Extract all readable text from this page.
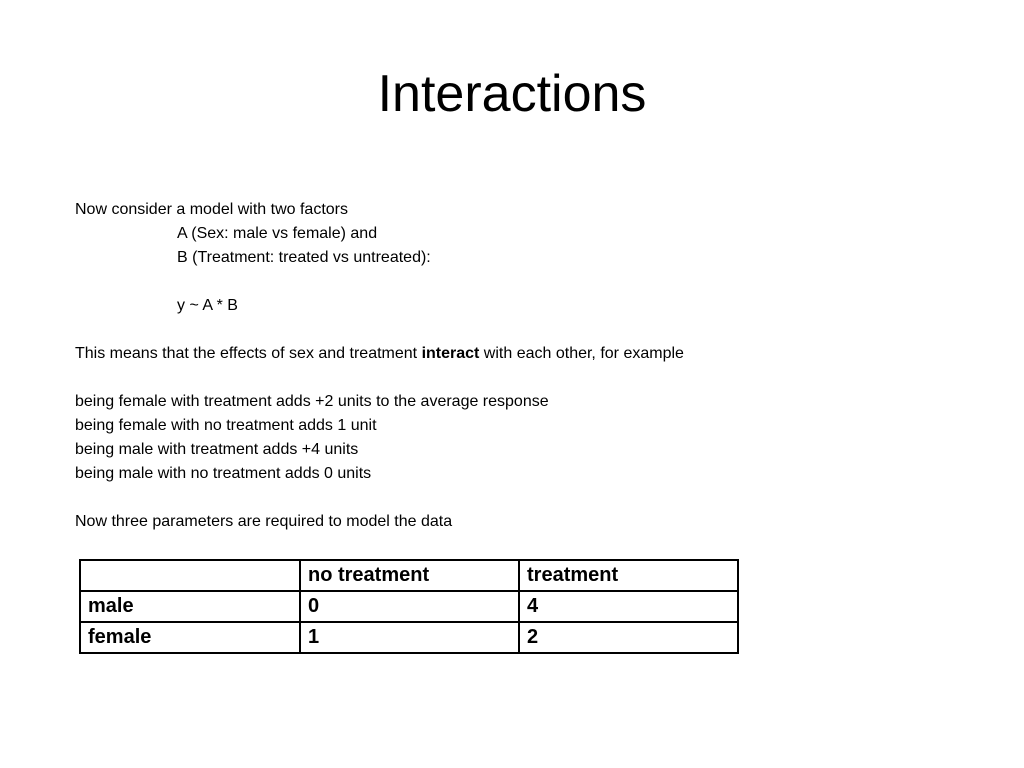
Interactions
Now consider a model with two factors
A (Sex: male vs female) and
B (Treatment: treated vs untreated):
y ~ A * B
This means that the effects of sex and treatment interact with each other, for example
being female with treatment adds +2 units to the average response
being female with no treatment adds 1 unit
being male with treatment adds +4 units
being male with no treatment adds 0 units
Now three parameters are required to model the data
	no treatment	treatment
male	0	4
female	1	2
